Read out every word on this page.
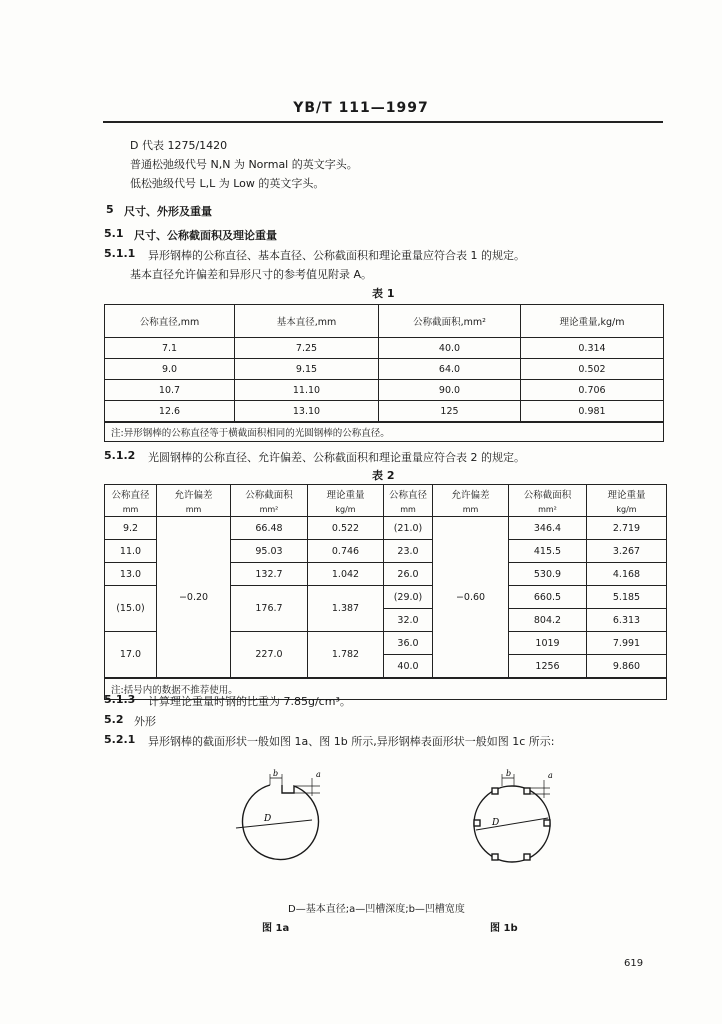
YB/T 111—1997
D 代表 1275/1420
普通松弛级代号 N,N 为 Normal 的英文字头。
低松弛级代号 L,L 为 Low 的英文字头。
5 尺寸、外形及重量
5.1 尺寸、公称截面积及理论重量
5.1.1 异形钢棒的公称直径、基本直径、公称截面积和理论重量应符合表 1 的规定。
基本直径允许偏差和异形尺寸的参考值见附录 A。
表 1
公称直径,mm	基本直径,mm	公称截面积,mm²	理论重量,kg/m
7.1	7.25	40.0	0.314
9.0	9.15	64.0	0.502
10.7	11.10	90.0	0.706
12.6	13.10	125	0.981
注:异形钢棒的公称直径等于横截面积相同的光圆钢棒的公称直径。			
5.1.2 光圆钢棒的公称直径、允许偏差、公称截面积和理论重量应符合表 2 的规定。
表 2
公称直径	允许偏差	公称截面积	理论重量	公称直径	允许偏差	公称截面积	理论重量
mm	mm	mm²	kg/m	mm	mm	mm²	kg/m
9.2	−0.20	66.48	0.522	(21.0)	−0.60	346.4	2.719
11.0		95.03	0.746	23.0		415.5	3.267
13.0		132.7	1.042	26.0		530.9	4.168
(15.0)		176.7	1.387	(29.0)		660.5	5.185
				32.0		804.2	6.313
17.0		227.0	1.782	36.0		1019	7.991
				40.0		1256	9.860
注:括号内的数据不推荐使用。							
5.1.3 计算理论重量时钢的比重为 7.85g/cm³。
5.2 外形
5.2.1 异形钢棒的截面形状一般如图 1a、图 1b 所示,异形钢棒表面形状一般如图 1c 所示:
D
b	a
D
b	a
D—基本直径;a—凹槽深度;b—凹槽宽度
图 1a	图 1b
619
